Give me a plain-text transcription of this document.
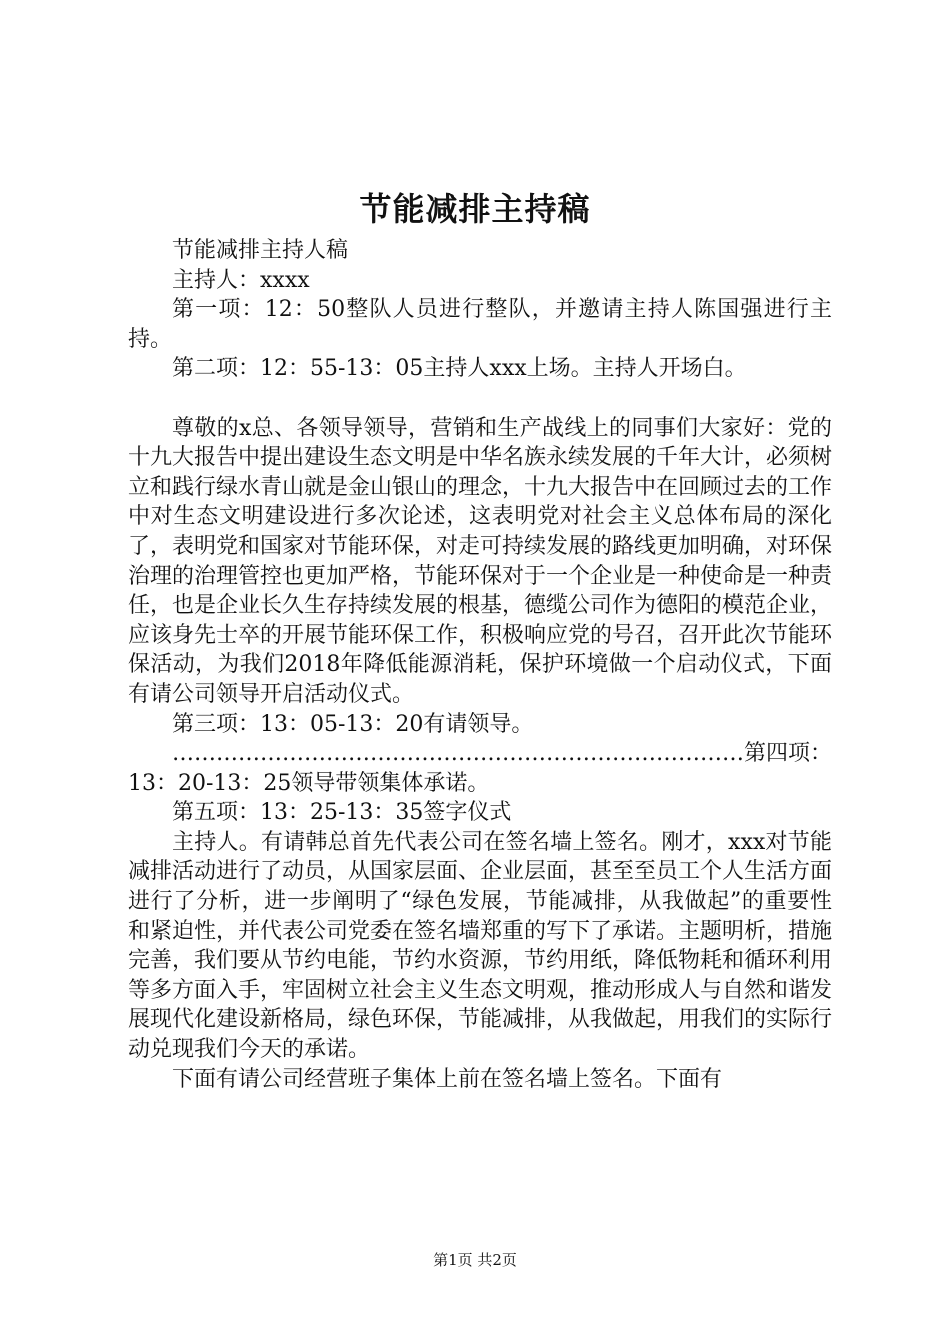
节能减排主持稿

节能减排主持人稿

主持人：xxxx

第一项：12：50整队人员进行整队，并邀请主持人陈国强进行主持。

第二项：12：55-13：05主持人xxx上场。主持人开场白。

尊敬的x总、各领导领导，营销和生产战线上的同事们大家好：党的十九大报告中提出建设生态文明是中华名族永续发展的千年大计，必须树立和践行绿水青山就是金山银山的理念，十九大报告中在回顾过去的工作中对生态文明建设进行多次论述，这表明党对社会主义总体布局的深化了，表明党和国家对节能环保，对走可持续发展的路线更加明确，对环保治理的治理管控也更加严格，节能环保对于一个企业是一种使命是一种责任，也是企业长久生存持续发展的根基，德缆公司作为德阳的模范企业，应该身先士卒的开展节能环保工作，积极响应党的号召，召开此次节能环保活动，为我们2018年降低能源消耗，保护环境做一个启动仪式，下面有请公司领导开启活动仪式。

第三项：13：05-13：20有请领导。

……………………………………………………………………第四项：13：20-13：25领导带领集体承诺。

第五项：13：25-13：35签字仪式

主持人。有请韩总首先代表公司在签名墙上签名。刚才，xxx对节能减排活动进行了动员，从国家层面、企业层面，甚至至员工个人生活方面进行了分析，进一步阐明了“绿色发展，节能减排，从我做起”的重要性和紧迫性，并代表公司党委在签名墙郑重的写下了承诺。主题明析，措施完善，我们要从节约电能，节约水资源，节约用纸，降低物耗和循环利用等多方面入手，牢固树立社会主义生态文明观，推动形成人与自然和谐发展现代化建设新格局，绿色环保，节能减排，从我做起，用我们的实际行动兑现我们今天的承诺。

下面有请公司经营班子集体上前在签名墙上签名。下面有

第1页 共2页
